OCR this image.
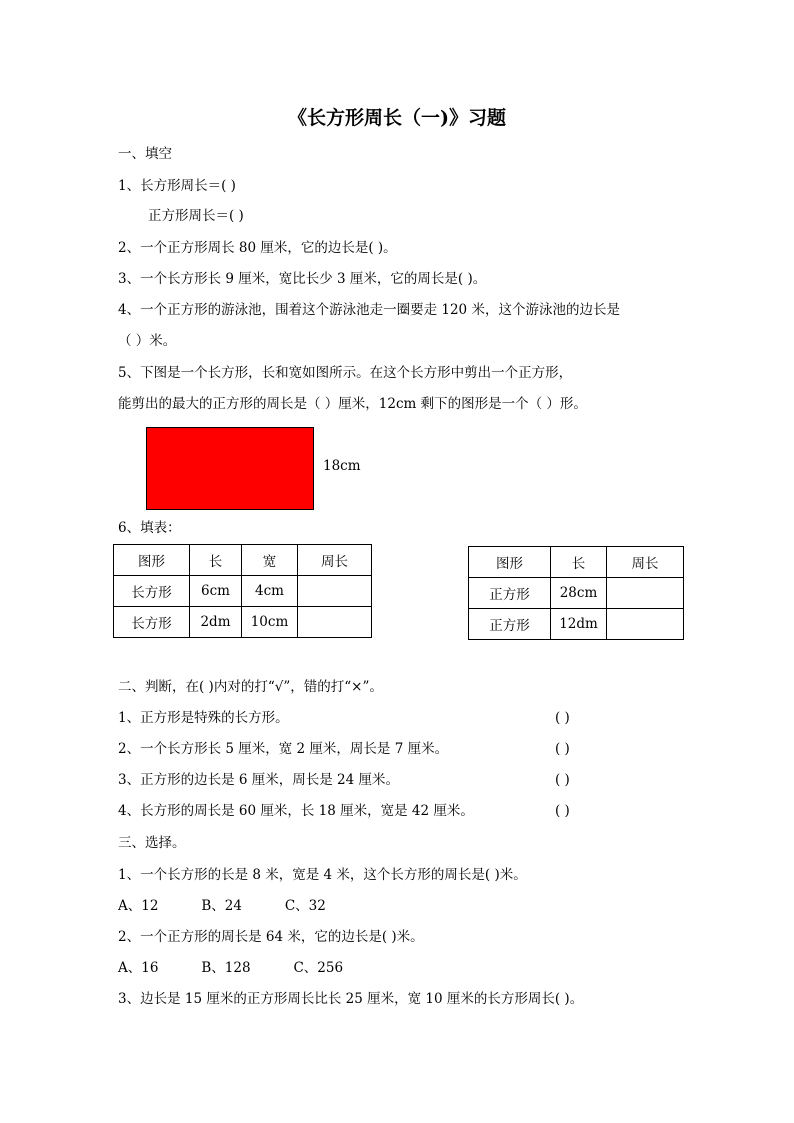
《长方形周长（一)》习题
一、填空
1、长方形周长＝( )
正方形周长＝( )
2、一个正方形周长 80 厘米，它的边长是( )。
3、一个长方形长 9 厘米，宽比长少 3 厘米，它的周长是( )。
4、一个正方形的游泳池，围着这个游泳池走一圈要走 120 米，这个游泳池的边长是
（ ）米。
5、下图是一个长方形，长和宽如图所示。在这个长方形中剪出一个正方形，
能剪出的最大的正方形的周长是（ ）厘米，12cm 剩下的图形是一个（ ）形。
18cm
6、填表：
图形	长	宽	周长
长方形	6cm	4cm	
长方形	2dm	10cm	
图形	长	周长
正方形	28cm	
正方形	12dm	
二、判断，在( )内对的打“√”，错的打“×”。
1、正方形是特殊的长方形。	( )
2、一个长方形长 5 厘米，宽 2 厘米，周长是 7 厘米。	( )
3、正方形的边长是 6 厘米，周长是 24 厘米。	( )
4、长方形的周长是 60 厘米，长 18 厘米，宽是 42 厘米。	( )
三、选择。
1、一个长方形的长是 8 米，宽是 4 米，这个长方形的周长是( )米。
A、12          B、24          C、32
2、一个正方形的周长是 64 米，它的边长是( )米。
A、16          B、128          C、256
3、边长是 15 厘米的正方形周长比长 25 厘米，宽 10 厘米的长方形周长( )。
